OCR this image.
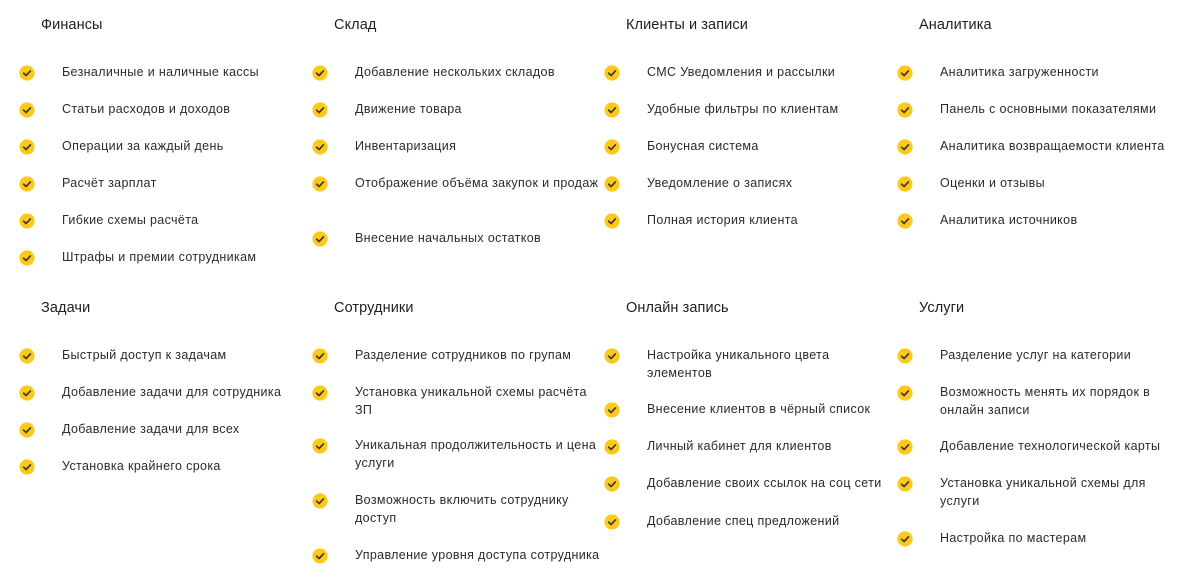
Финансы
Безналичные и наличные кассы
Статьи расходов и доходов
Операции за каждый день
Расчёт зарплат
Гибкие схемы расчёта
Штрафы и премии сотрудникам
Склад
Добавление нескольких складов
Движение товара
Инвентаризация
Отображение объёма закупок и продаж
Внесение начальных остатков
Клиенты и записи
СМС Уведомления и рассылки
Удобные фильтры по клиентам
Бонусная система
Уведомление о записях
Полная история клиента
Аналитика
Аналитика загруженности
Панель с основными показателями
Аналитика возвращаемости клиента
Оценки и отзывы
Аналитика источников
Задачи
Быстрый доступ к задачам
Добавление задачи для сотрудника
Добавление задачи для всех
Установка крайнего срока
Сотрудники
Разделение сотрудников по групам
Установка уникальной схемы расчёта ЗП
Уникальная продолжительность и цена услуги
Возможность включить сотруднику доступ
Управление уровня доступа сотрудника
Онлайн запись
Настройка уникального цвета элементов
Внесение клиентов в чёрный список
Личный кабинет для клиентов
Добавление своих ссылок на соц сети
Добавление спец предложений
Услуги
Разделение услуг на категории
Возможность менять их порядок в онлайн записи
Добавление технологической карты
Установка уникальной схемы для услуги
Настройка по мастерам
